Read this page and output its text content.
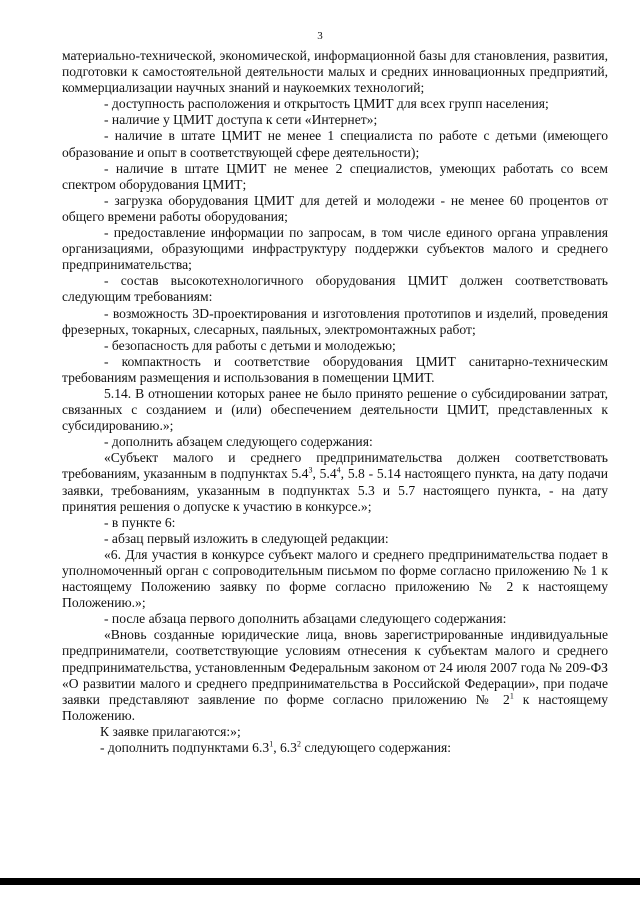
3

материально-технической, экономической, информационной базы для становления, развития, подготовки к самостоятельной деятельности малых и средних инновационных предприятий, коммерциализации научных знаний и наукоемких технологий;

- доступность расположения и открытость ЦМИТ для всех групп населения;

- наличие у ЦМИТ доступа к сети «Интернет»;

- наличие в штате ЦМИТ не менее 1 специалиста по работе с детьми (имеющего образование и опыт в соответствующей сфере деятельности);

- наличие в штате ЦМИТ не менее 2 специалистов, умеющих работать со всем спектром оборудования ЦМИТ;

- загрузка оборудования ЦМИТ для детей и молодежи - не менее 60 процентов от общего времени работы оборудования;

- предоставление информации по запросам, в том числе единого органа управления организациями, образующими инфраструктуру поддержки субъектов малого и среднего предпринимательства;

- состав высокотехнологичного оборудования ЦМИТ должен соответствовать следующим требованиям:

- возможность 3D-проектирования и изготовления прототипов и изделий, проведения фрезерных, токарных, слесарных, паяльных, электромонтажных работ;

- безопасность для работы с детьми и молодежью;

- компактность и соответствие оборудования ЦМИТ санитарно-техническим требованиям размещения и использования в помещении ЦМИТ.

5.14. В отношении которых ранее не было принято решение о субсидировании затрат, связанных с созданием и (или) обеспечением деятельности ЦМИТ, представленных к субсидированию.»;

- дополнить абзацем следующего содержания:

«Субъект малого и среднего предпринимательства должен соответствовать требованиям, указанным в подпунктах $5.4^3$, $5.4^4$, 5.8 - 5.14 настоящего пункта, на дату подачи заявки, требованиям, указанным в подпунктах 5.3 и 5.7 настоящего пункта, - на дату принятия решения о допуске к участию в конкурсе.»;

- в пункте 6:

- абзац первый изложить в следующей редакции:

«6. Для участия в конкурсе субъект малого и среднего предпринимательства подает в уполномоченный орган с сопроводительным письмом по форме согласно приложению № 1 к настоящему Положению заявку по форме согласно приложению № 2 к настоящему Положению.»;

- после абзаца первого дополнить абзацами следующего содержания:

«Вновь созданные юридические лица, вновь зарегистрированные индивидуальные предприниматели, соответствующие условиям отнесения к субъектам малого и среднего предпринимательства, установленным Федеральным законом от 24 июля 2007 года № 209-ФЗ «О развитии малого и среднего предпринимательства в Российской Федерации», при подаче заявки представляют заявление по форме согласно приложению № $2^1$ к настоящему Положению.

К заявке прилагаются:»;

- дополнить подпунктами $6.3^1$, $6.3^2$ следующего содержания:
